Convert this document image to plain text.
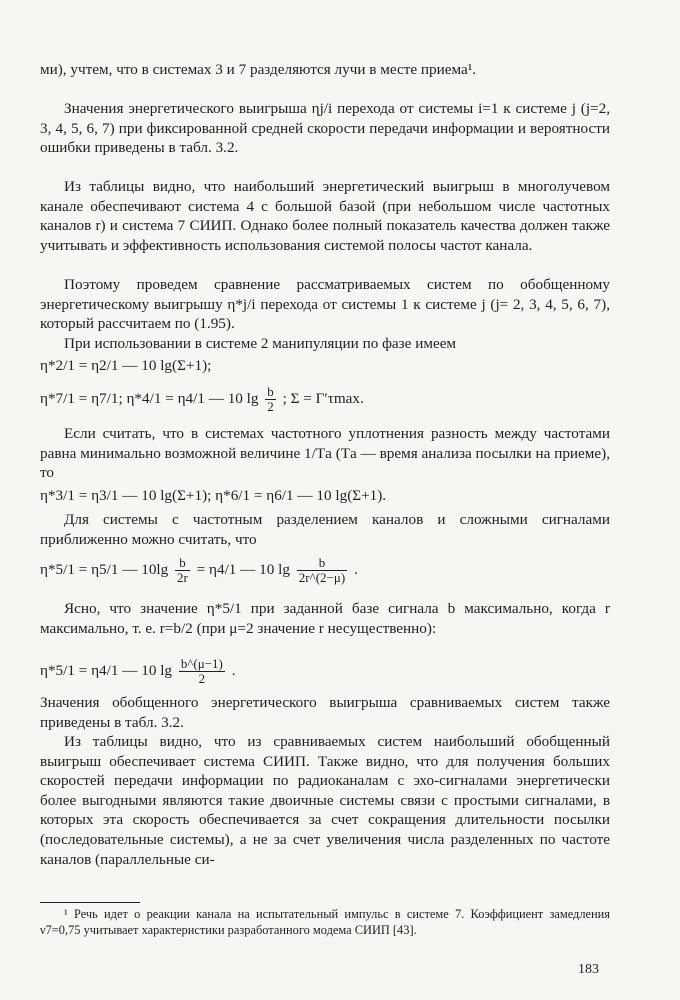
ми), учтем, что в системах 3 и 7 разделяются лучи в месте приема¹.

Значения энергетического выигрыша ηj/i перехода от системы i=1 к системе j (j=2, 3, 4, 5, 6, 7) при фиксированной средней скорости передачи информации и вероятности ошибки приведены в табл. 3.2.

Из таблицы видно, что наибольший энергетический выигрыш в многолучевом канале обеспечивают система 4 с большой базой (при небольшом числе частотных каналов r) и система 7 СИИП. Однако более полный показатель качества должен также учитывать и эффективность использования системой полосы частот канала.

Поэтому проведем сравнение рассматриваемых систем по обобщенному энергетическому выигрышу η*j/i перехода от системы 1 к системе j (j= 2, 3, 4, 5, 6, 7), который рассчитаем по (1.95).

При использовании в системе 2 манипуляции по фазе имеем

η*2/1 = η2/1 — 10 lg(Σ+1);
η*7/1 = η7/1; η*4/1 = η4/1 — 10 $\lg \frac{b}{2}$ ; Σ = Г′τmax.

Если считать, что в системах частотного уплотнения разность между частотами равна минимально возможной величине 1/Tа (Tа — время анализа посылки на приеме), то

η*3/1 = η3/1 — 10 lg(Σ+1); η*6/1 = η6/1 — 10 lg(Σ+1).

Для системы с частотным разделением каналов и сложными сигналами приближенно можно считать, что

η*5/1 = η5/1 — $10\lg \frac{b}{2r} = \eta 4/1$ — 10 $\lg \frac{b}{2r\^{}(2-\mu)}$ .

Ясно, что значение η*5/1 при заданной базе сигнала b максимально, когда r максимально, т. е. r=b/2 (при μ=2 значение r несущественно):

η*5/1 = η4/1 — 10 $\lg \frac{b\^{}(\mu-1)}{2}$ .

Значения обобщенного энергетического выигрыша сравниваемых систем также приведены в табл. 3.2.

Из таблицы видно, что из сравниваемых систем наибольший обобщенный выигрыш обеспечивает система СИИП. Также видно, что для получения больших скоростей передачи информации по радиоканалам с эхо-сигналами энергетически более выгодными являются такие двоичные системы связи с простыми сигналами, в которых эта скорость обеспечивается за счет сокращения длительности посылки (последовательные системы), а не за счет увеличения числа разделенных по частоте каналов (параллельные си-

¹ Речь идет о реакции канала на испытательный импульс в системе 7. Коэффициент замедления ν7=0,75 учитывает характеристики разработанного модема СИИП [43].

183
